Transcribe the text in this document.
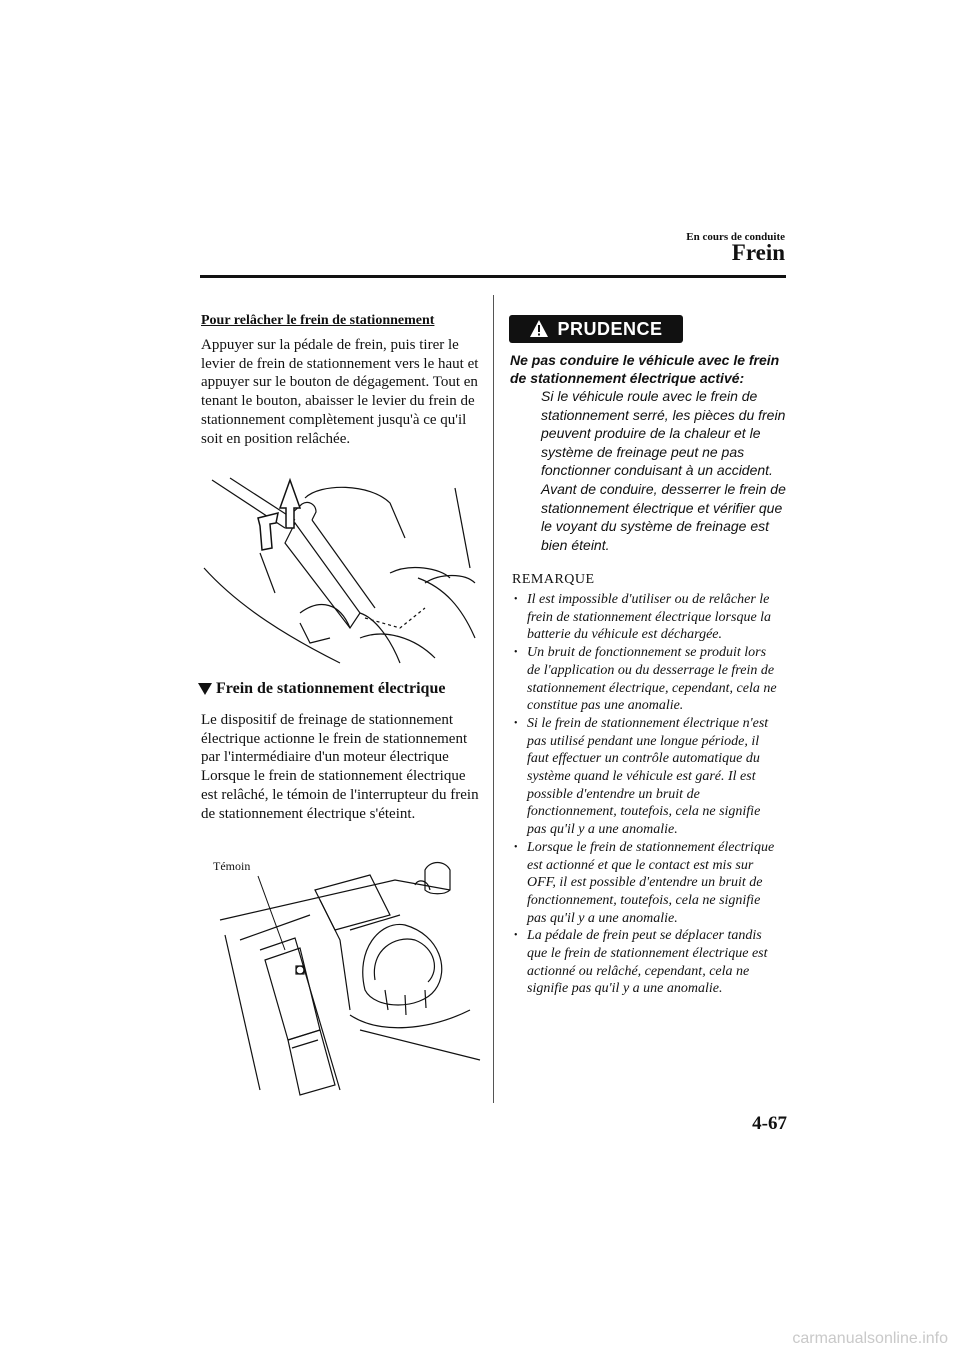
En cours de conduite
Frein
Pour relâcher le frein de stationnement
Appuyer sur la pédale de frein, puis tirer le levier de frein de stationnement vers le haut et appuyer sur le bouton de dégagement. Tout en tenant le bouton, abaisser le levier du frein de stationnement complètement jusqu'à ce qu'il soit en position relâchée.
Frein de stationnement électrique
Le dispositif de freinage de stationnement électrique actionne le frein de stationnement par l'intermédiaire d'un moteur électrique Lorsque le frein de stationnement électrique est relâché, le témoin de l'interrupteur du frein de stationnement électrique s'éteint.
Témoin
PRUDENCE
Ne pas conduire le véhicule avec le frein de stationnement électrique activé:
Si le véhicule roule avec le frein de stationnement serré, les pièces du frein peuvent produire de la chaleur et le système de freinage peut ne pas fonctionner conduisant à un accident. Avant de conduire, desserrer le frein de stationnement électrique et vérifier que le voyant du système de freinage est bien éteint.
REMARQUE
• Il est impossible d'utiliser ou de relâcher le frein de stationnement électrique lorsque la batterie du véhicule est déchargée.
• Un bruit de fonctionnement se produit lors de l'application ou du desserrage le frein de stationnement électrique, cependant, cela ne constitue pas une anomalie.
• Si le frein de stationnement électrique n'est pas utilisé pendant une longue période, il faut effectuer un contrôle automatique du système quand le véhicule est garé. Il est possible d'entendre un bruit de fonctionnement, toutefois, cela ne signifie pas qu'il y a une anomalie.
• Lorsque le frein de stationnement électrique est actionné et que le contact est mis sur OFF, il est possible d'entendre un bruit de fonctionnement, toutefois, cela ne signifie pas qu'il y a une anomalie.
• La pédale de frein peut se déplacer tandis que le frein de stationnement électrique est actionné ou relâché, cependant, cela ne signifie pas qu'il y a une anomalie.
4-67
carmanualsonline.info
